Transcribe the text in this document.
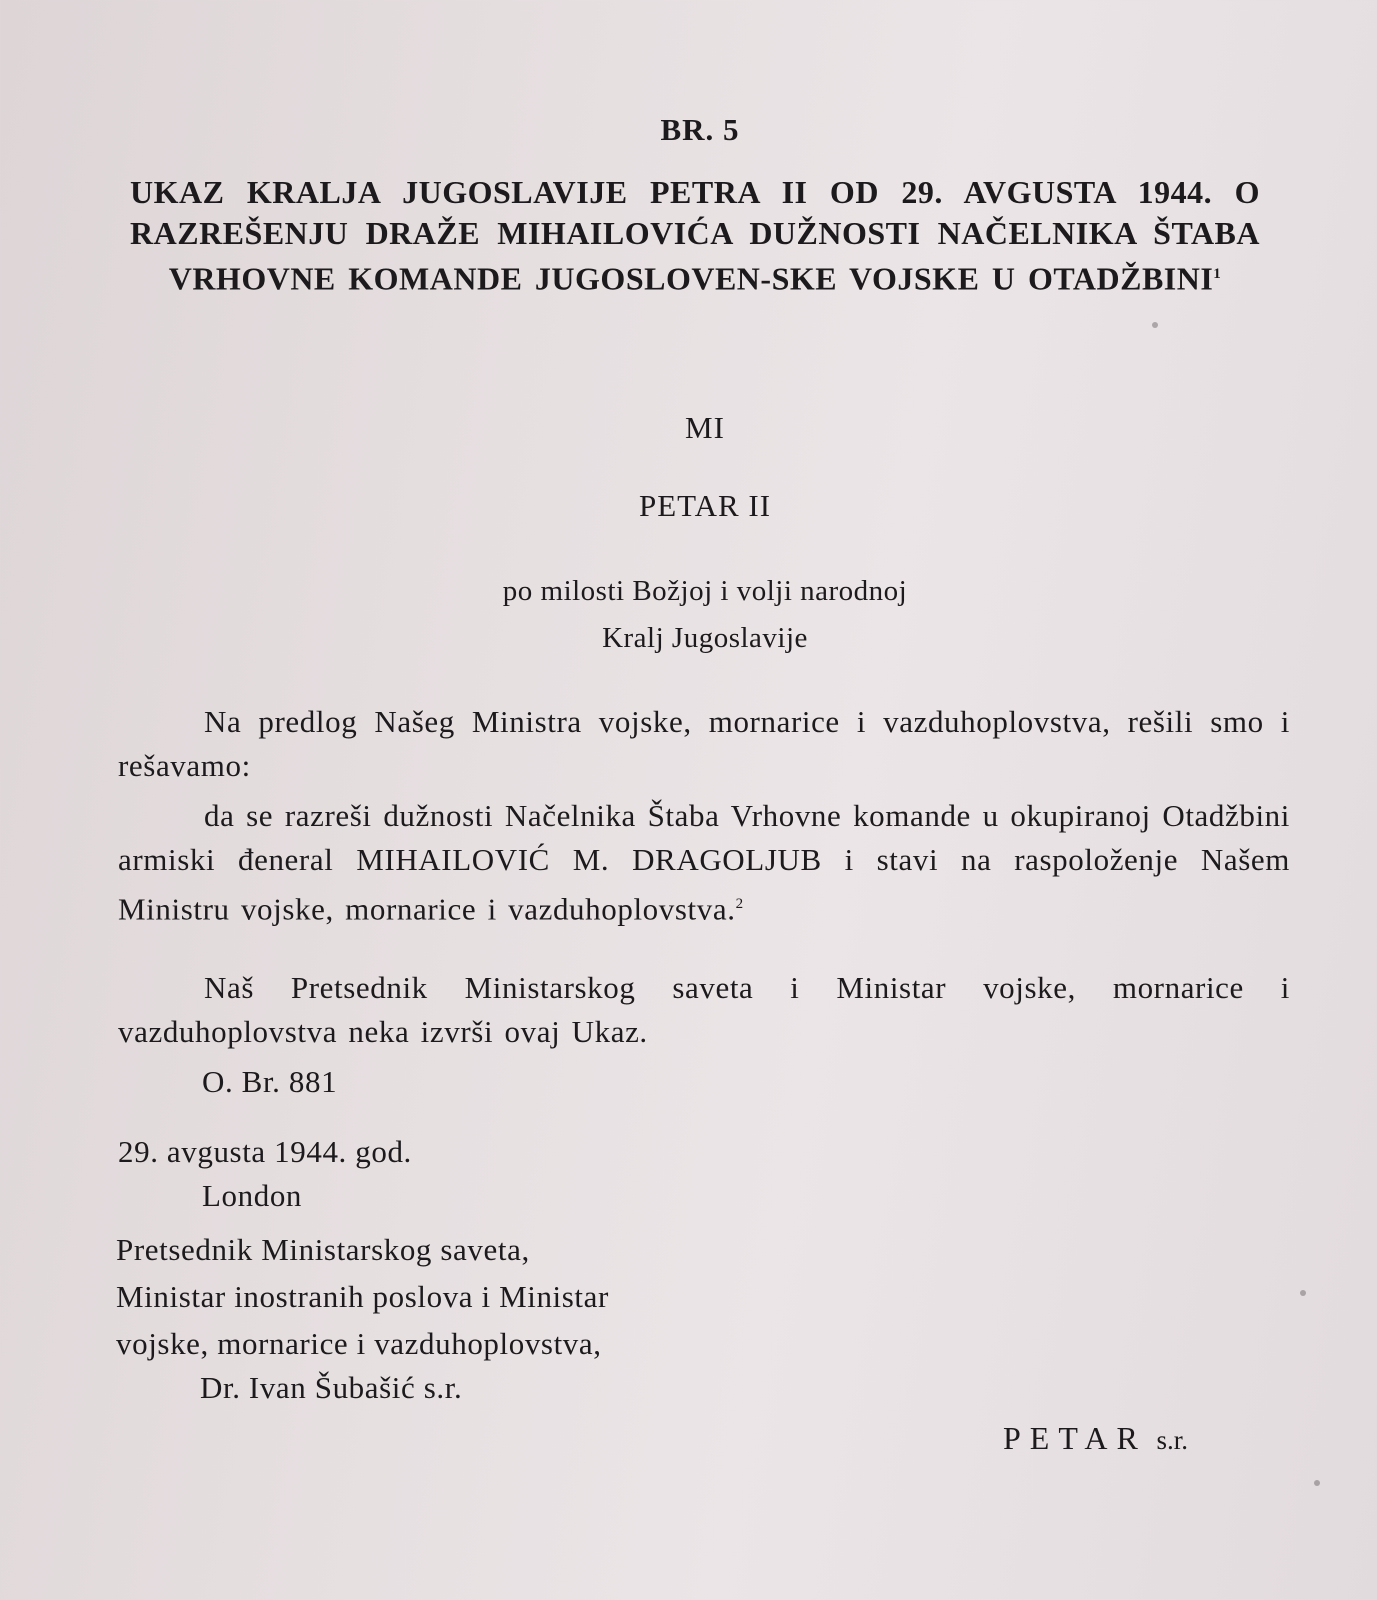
BR. 5
UKAZ KRALJA JUGOSLAVIJE PETRA II OD 29. AVGUSTA 1944. O RAZREŠENJU DRAŽE MIHAILOVIĆA DUŽNOSTI NAČELNIKA ŠTABA VRHOVNE KOMANDE JUGOSLOVEN-SKE VOJSKE U OTADŽBINI$^1$
MI
PETAR II
po milosti Božjoj i volji narodnoj
Kralj Jugoslavije

Na predlog Našeg Ministra vojske, mornarice i vazduhoplovstva, rešili smo i rešavamo:

da se razreši dužnosti Načelnika Štaba Vrhovne komande u okupiranoj Otadžbini armiski đeneral MIHAILOVIĆ M. DRAGOLJUB i stavi na raspoloženje Našem Ministru vojske, mornarice i vazduhoplovstva.$^2$

Naš Pretsednik Ministarskog saveta i Ministar vojske, mornarice i vazduhoplovstva neka izvrši ovaj Ukaz.

O. Br. 881
29. avgusta 1944. god.
London
Pretsednik Ministarskog saveta,
Ministar inostranih poslova i Ministar
vojske, mornarice i vazduhoplovstva,
Dr. Ivan Šubašić s.r.
PETAR s.r.
